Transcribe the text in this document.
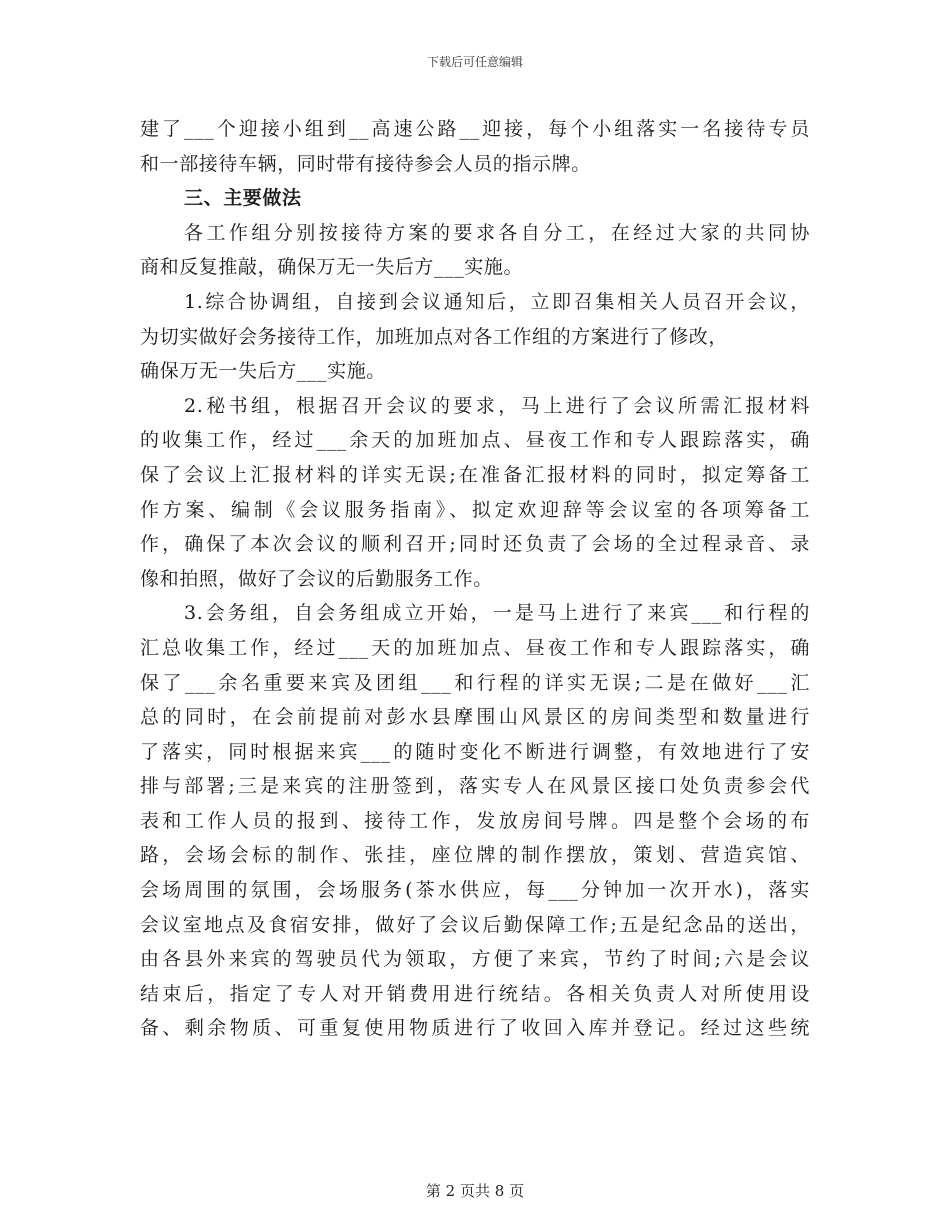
下载后可任意编辑
建了___个迎接小组到__高速公路__迎接，每个小组落实一名接待专员
和一部接待车辆，同时带有接待参会人员的指示牌。
三、主要做法
各工作组分别按接待方案的要求各自分工，在经过大家的共同协
商和反复推敲，确保万无一失后方___实施。
1.综合协调组，自接到会议通知后，立即召集相关人员召开会议，
为切实做好会务接待工作，加班加点对各工作组的方案进行了修改，
确保万无一失后方___实施。
2.秘书组，根据召开会议的要求，马上进行了会议所需汇报材料
的收集工作，经过___余天的加班加点、昼夜工作和专人跟踪落实，确
保了会议上汇报材料的详实无误;在准备汇报材料的同时，拟定筹备工
作方案、编制《会议服务指南》、拟定欢迎辞等会议室的各项筹备工
作，确保了本次会议的顺利召开;同时还负责了会场的全过程录音、录
像和拍照，做好了会议的后勤服务工作。
3.会务组，自会务组成立开始，一是马上进行了来宾___和行程的
汇总收集工作，经过___天的加班加点、昼夜工作和专人跟踪落实，确
保了___余名重要来宾及团组___和行程的详实无误;二是在做好___汇
总的同时，在会前提前对彭水县摩围山风景区的房间类型和数量进行
了落实，同时根据来宾___的随时变化不断进行调整，有效地进行了安
排与部署;三是来宾的注册签到，落实专人在风景区接口处负责参会代
表和工作人员的报到、接待工作，发放房间号牌。四是整个会场的布
路，会场会标的制作、张挂，座位牌的制作摆放，策划、营造宾馆、
会场周围的氛围，会场服务(茶水供应，每___分钟加一次开水)，落实
会议室地点及食宿安排，做好了会议后勤保障工作;五是纪念品的送出，
由各县外来宾的驾驶员代为领取，方便了来宾，节约了时间;六是会议
结束后，指定了专人对开销费用进行统结。各相关负责人对所使用设
备、剩余物质、可重复使用物质进行了收回入库并登记。经过这些统
第 2 页共 8 页
